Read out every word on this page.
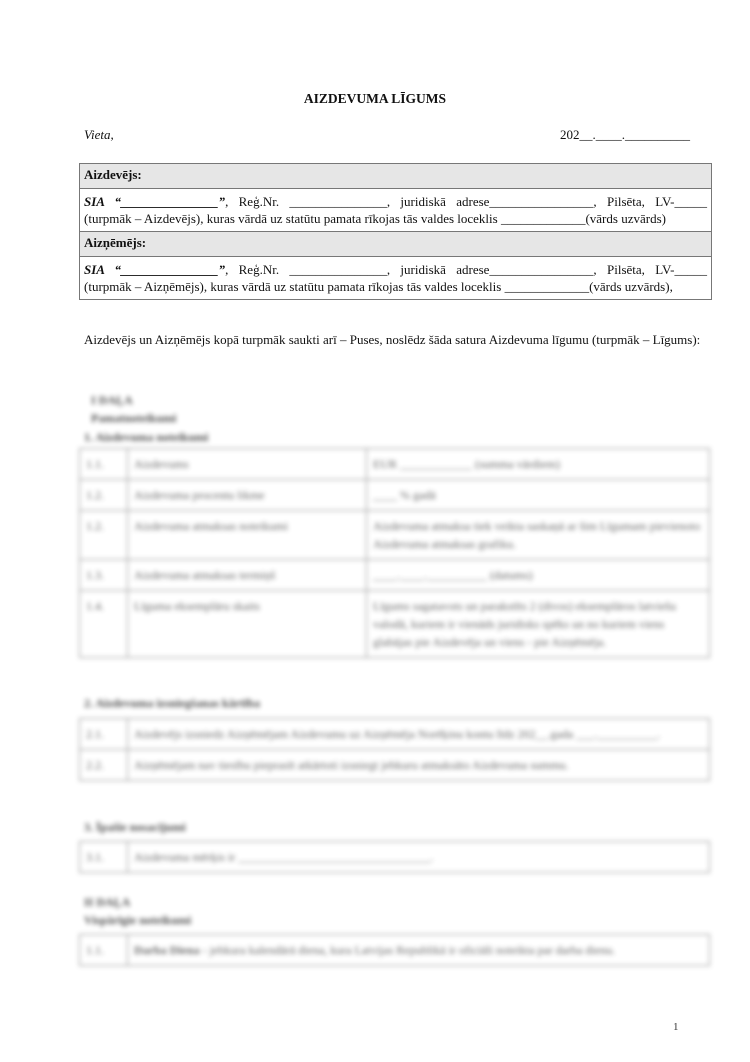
AIZDEVUMA LĪGUMS
Vieta,	202__.____.__________
Aizdevējs:
SIA “_______________”, Reģ.Nr. _______________, juridiskā adrese________________, Pilsēta, LV-_____ (turpmāk – Aizdevējs), kuras vārdā uz statūtu pamata rīkojas tās valdes loceklis _____________(vārds uzvārds)
Aizņēmējs:
SIA “_______________”, Reģ.Nr. _______________, juridiskā adrese________________, Pilsēta, LV-_____ (turpmāk – Aizņēmējs), kuras vārdā uz statūtu pamata rīkojas tās valdes loceklis _____________(vārds uzvārds),
Aizdevējs un Aizņēmējs kopā turpmāk saukti arī – Puses, noslēdz šāda satura Aizdevuma līgumu (turpmāk – Līgums):
I DAĻA
Pamatnoteikumi
1. Aizdevuma noteikumi
1.1.	Aizdevums	EUR ____________ (summa vārdiem)
1.2.	Aizdevuma procentu likme	____ % gadā
1.2.	Aizdevuma atmaksas noteikumi	Aizdevuma atmaksa tiek veikta saskaņā ar šim Līgumam pievienoto Aizdevuma atmaksas grafiku.
1.3.	Aizdevuma atmaksas termiņš	____.____.__________ (datums)
1.4.	Līguma eksemplāru skaits	Līgums sagatavots un parakstīts 2 (divos) eksemplāros latviešu valodā, kuriem ir vienāds juridisks spēks un no kuriem viens glabājas pie Aizdevēja un viens - pie Aizņēmēja.
2. Aizdevuma izsniegšanas kārtība
2.1.	Aizdevējs izsniedz Aizņēmējam Aizdevumu uz Aizņēmēja Norēķinu kontu līdz 202__.gada ___.__________.
2.2.	Aizņēmējam nav tiesību pieprasīt atkārtoti izsniegt jebkuru atmaksāto Aizdevuma summu.
3. Īpašie nosacījumi
3.1.	Aizdevuma mērķis ir ________________________________.
II DAĻA
Vispārīgie noteikumi
1.1.	Darba Diena - jebkura kalendārā diena, kura Latvijas Republikā ir oficiāli noteikta par darba dienu.
1
